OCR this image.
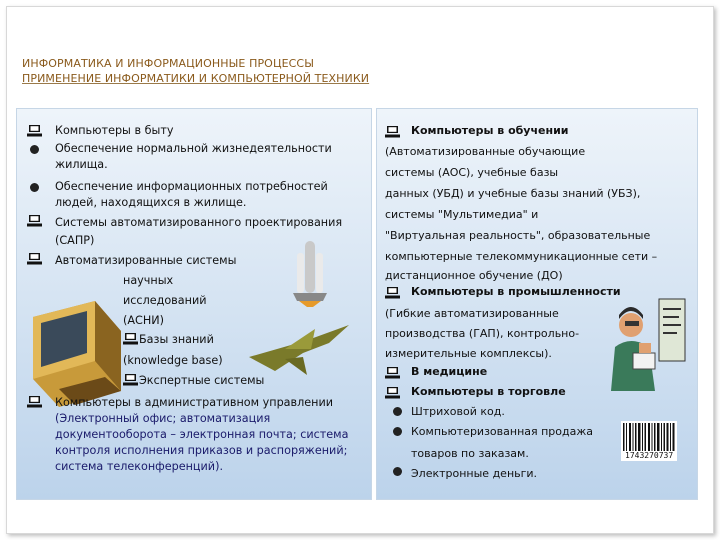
ИНФОРМАТИКА И ИНФОРМАЦИОННЫЕ ПРОЦЕССЫ
ПРИМЕНЕНИЕ ИНФОРМАТИКИ И КОМПЬЮТЕРНОЙ ТЕХНИКИ
Компьютеры в быту
Обеспечение нормальной жизнедеятельности
жилища.
Обеспечение информационных потребностей
людей, находящихся в жилище.
Системы автоматизированного проектирования
(САПР)
Автоматизированные системы
научных
исследований
(АСНИ)
Базы знаний
(knowledge base)
Экспертные системы
Компьютеры в административном управлении
(Электронный офис; автоматизация
документооборота – электронная почта; система
контроля исполнения приказов и распоряжений;
система телеконференций).
1743270737
Компьютеры в обучении
(Автоматизированные обучающие
системы (АОС), учебные базы
данных (УБД) и учебные базы знаний (УБЗ),
системы "Мультимедиа" и
"Виртуальная реальность", образовательные
компьютерные телекоммуникационные сети –
дистанционное обучение (ДО)
Компьютеры в промышленности
(Гибкие автоматизированные
производства (ГАП), контрольно-
измерительные комплексы).
В медицине
Компьютеры в торговле
Штриховой код.
Компьютеризованная продажа
товаров по заказам.
Электронные деньги.
